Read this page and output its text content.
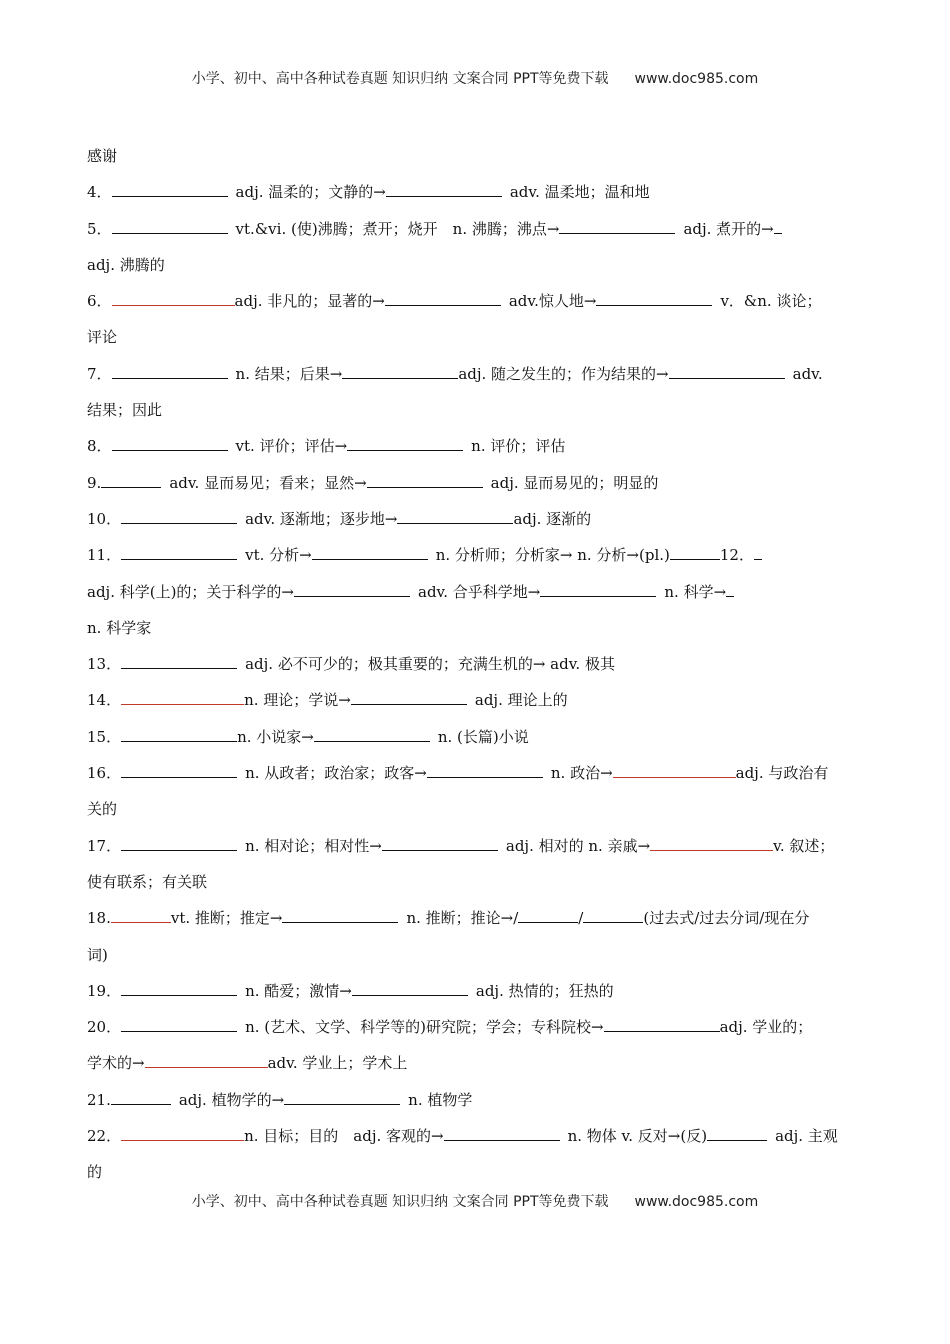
小学、初中、高中各种试卷真题 知识归纳 文案合同 PPT等免费下载 www.doc985.com
感谢
4．	adj. 温柔的；文静的→	adv. 温柔地；温和地
5．	vt.&vi. (使)沸腾；煮开；烧开　n. 沸腾；沸点→	adj. 煮开的→
adj. 沸腾的
6．	adj. 非凡的；显著的→	adv.惊人地→	v．&n. 谈论；
评论
7．	n. 结果；后果→	adj. 随之发生的；作为结果的→	adv.
结果；因此
8．	vt. 评价；评估→	n. 评价；评估
9.	adv. 显而易见；看来；显然→	adj. 显而易见的；明显的
10．	adv. 逐渐地；逐步地→	adj. 逐渐的
11．	vt. 分析→	n. 分析师；分析家→ n. 分析→(pl.)	12．
adj. 科学(上)的；关于科学的→	adv. 合乎科学地→	n. 科学→
n. 科学家
13．	adj. 必不可少的；极其重要的；充满生机的→ adv. 极其
14．	n. 理论；学说→	adj. 理论上的
15．	n. 小说家→	n. (长篇)小说
16．	n. 从政者；政治家；政客→	n. 政治→	adj. 与政治有
关的
17．	n. 相对论；相对性→	adj. 相对的 n. 亲戚→	v. 叙述；
使有联系；有关联
18.	vt. 推断；推定→	n. 推断；推论→/	/	(过去式/过去分词/现在分
词)
19．	n. 酷爱；激情→	adj. 热情的；狂热的
20．	n. (艺术、文学、科学等的)研究院；学会；专科院校→	adj. 学业的；
学术的→	adv. 学业上；学术上
21.	adj. 植物学的→	n. 植物学
22．	n. 目标；目的　adj. 客观的→	n. 物体 v. 反对→(反)	adj. 主观
的
小学、初中、高中各种试卷真题 知识归纳 文案合同 PPT等免费下载 www.doc985.com
